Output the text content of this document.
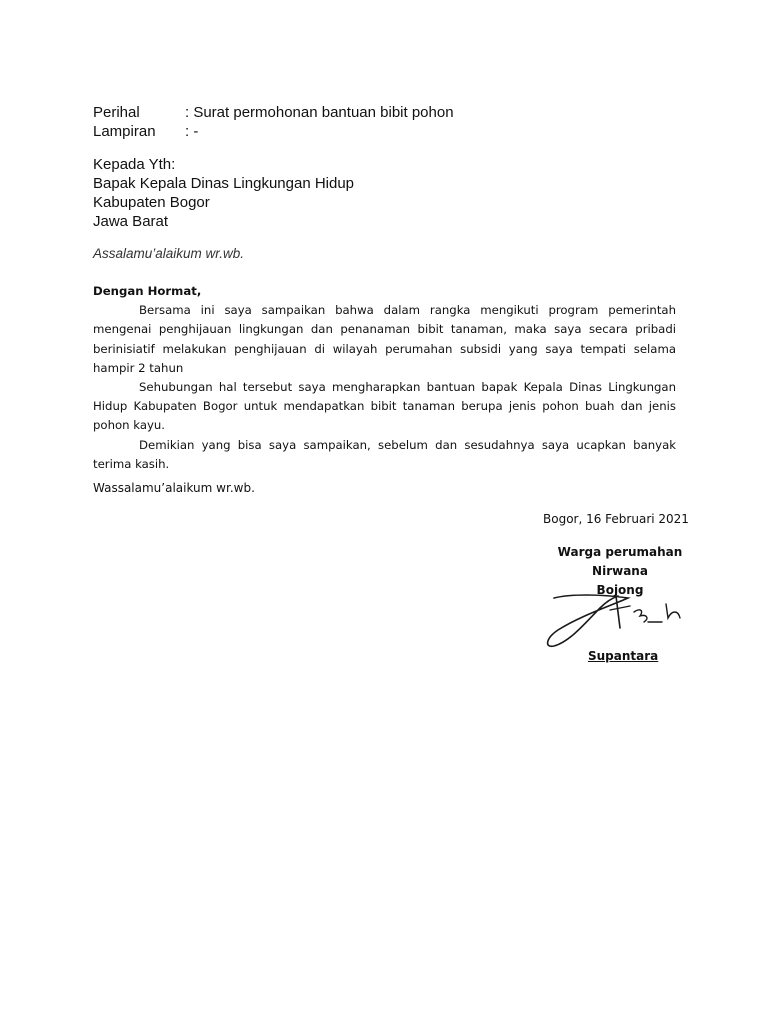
Perihal	: Surat permohonan bantuan bibit pohon
Lampiran : -
Kepada Yth:
Bapak Kepala Dinas Lingkungan Hidup
Kabupaten Bogor
Jawa Barat
Assalamu’alaikum wr.wb.
Dengan Hormat,

Bersama ini saya sampaikan bahwa dalam rangka mengikuti program pemerintah mengenai penghijauan lingkungan dan penanaman bibit tanaman, maka saya secara pribadi berinisiatif melakukan penghijauan di wilayah perumahan subsidi yang saya tempati selama hampir 2 tahun

Sehubungan hal tersebut saya mengharapkan bantuan bapak Kepala Dinas Lingkungan Hidup Kabupaten Bogor untuk mendapatkan bibit tanaman berupa jenis pohon buah dan jenis pohon kayu.

Demikian yang bisa saya sampaikan, sebelum dan sesudahnya saya ucapkan banyak terima kasih.

Wassalamu’alaikum wr.wb.
Bogor, 16 Februari 2021
Warga perumahan Nirwana
Bojong
Supantara
